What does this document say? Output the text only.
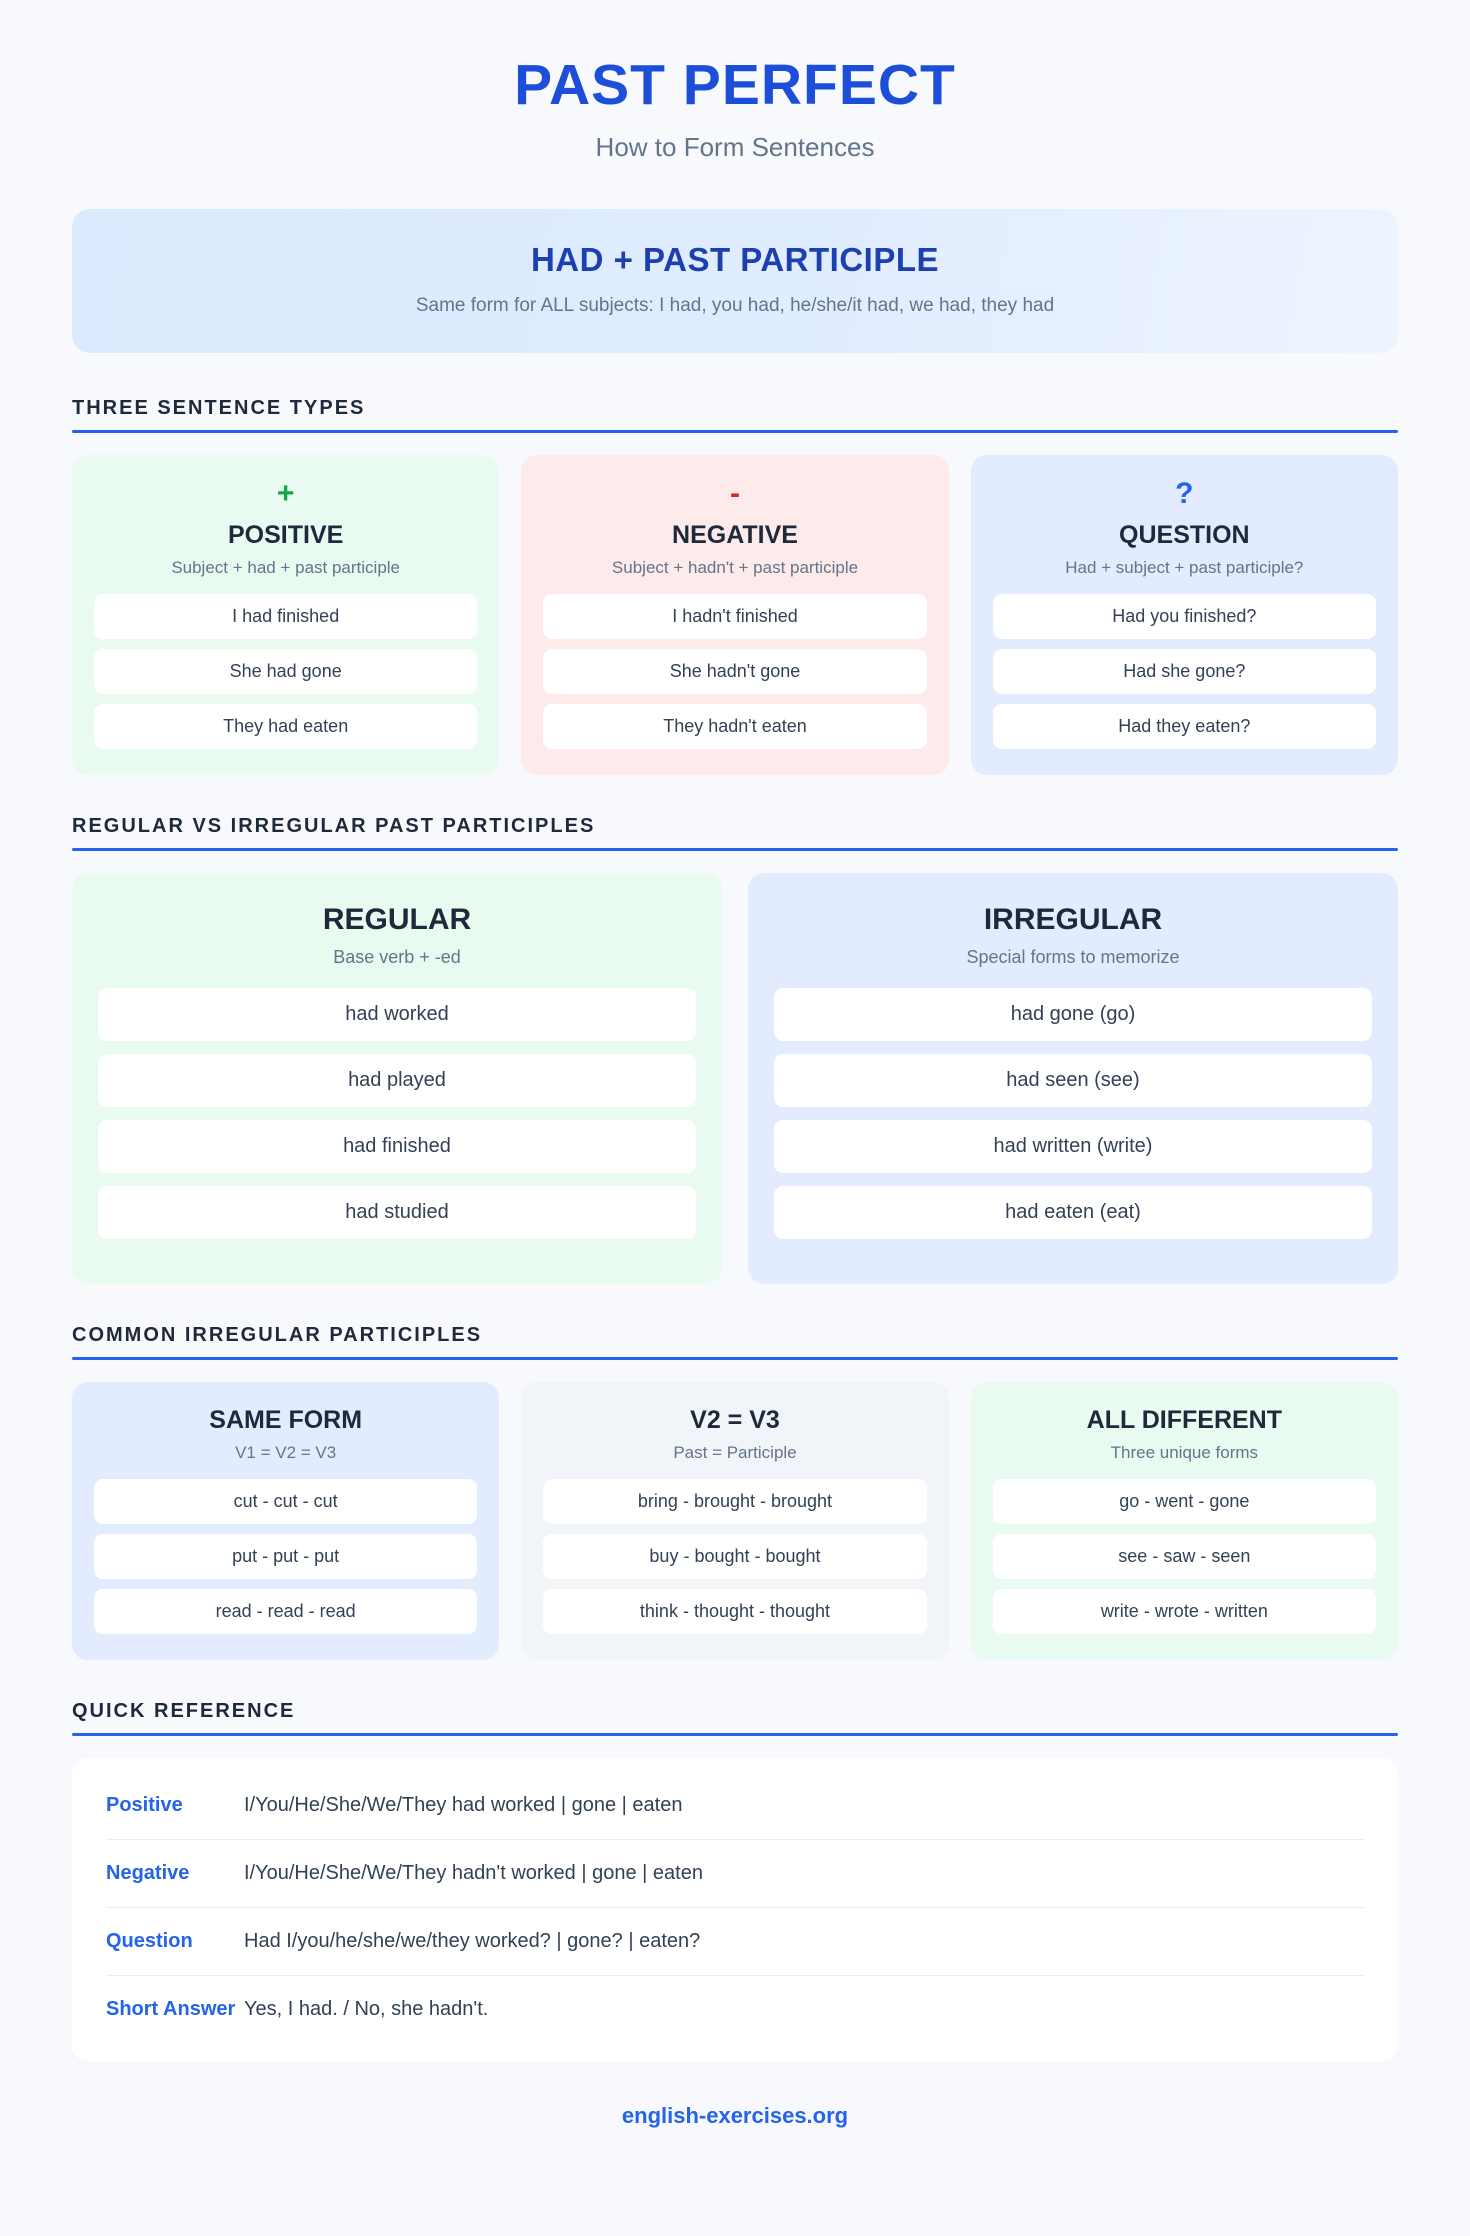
PAST PERFECT
How to Form Sentences
HAD + PAST PARTICIPLE
Same form for ALL subjects: I had, you had, he/she/it had, we had, they had
THREE SENTENCE TYPES
+
POSITIVE
Subject + had + past participle
I had finished
She had gone
They had eaten
-
NEGATIVE
Subject + hadn't + past participle
I hadn't finished
She hadn't gone
They hadn't eaten
?
QUESTION
Had + subject + past participle?
Had you finished?
Had she gone?
Had they eaten?
REGULAR VS IRREGULAR PAST PARTICIPLES
REGULAR
Base verb + -ed
had worked
had played
had finished
had studied
IRREGULAR
Special forms to memorize
had gone (go)
had seen (see)
had written (write)
had eaten (eat)
COMMON IRREGULAR PARTICIPLES
SAME FORM
V1 = V2 = V3
cut - cut - cut
put - put - put
read - read - read
V2 = V3
Past = Participle
bring - brought - brought
buy - bought - bought
think - thought - thought
ALL DIFFERENT
Three unique forms
go - went - gone
see - saw - seen
write - wrote - written
QUICK REFERENCE
Positive	I/You/He/She/We/They had worked | gone | eaten
Negative	I/You/He/She/We/They hadn't worked | gone | eaten
Question	Had I/you/he/she/we/they worked? | gone? | eaten?
Short Answer Yes, I had. / No, she hadn't.
english-exercises.org
